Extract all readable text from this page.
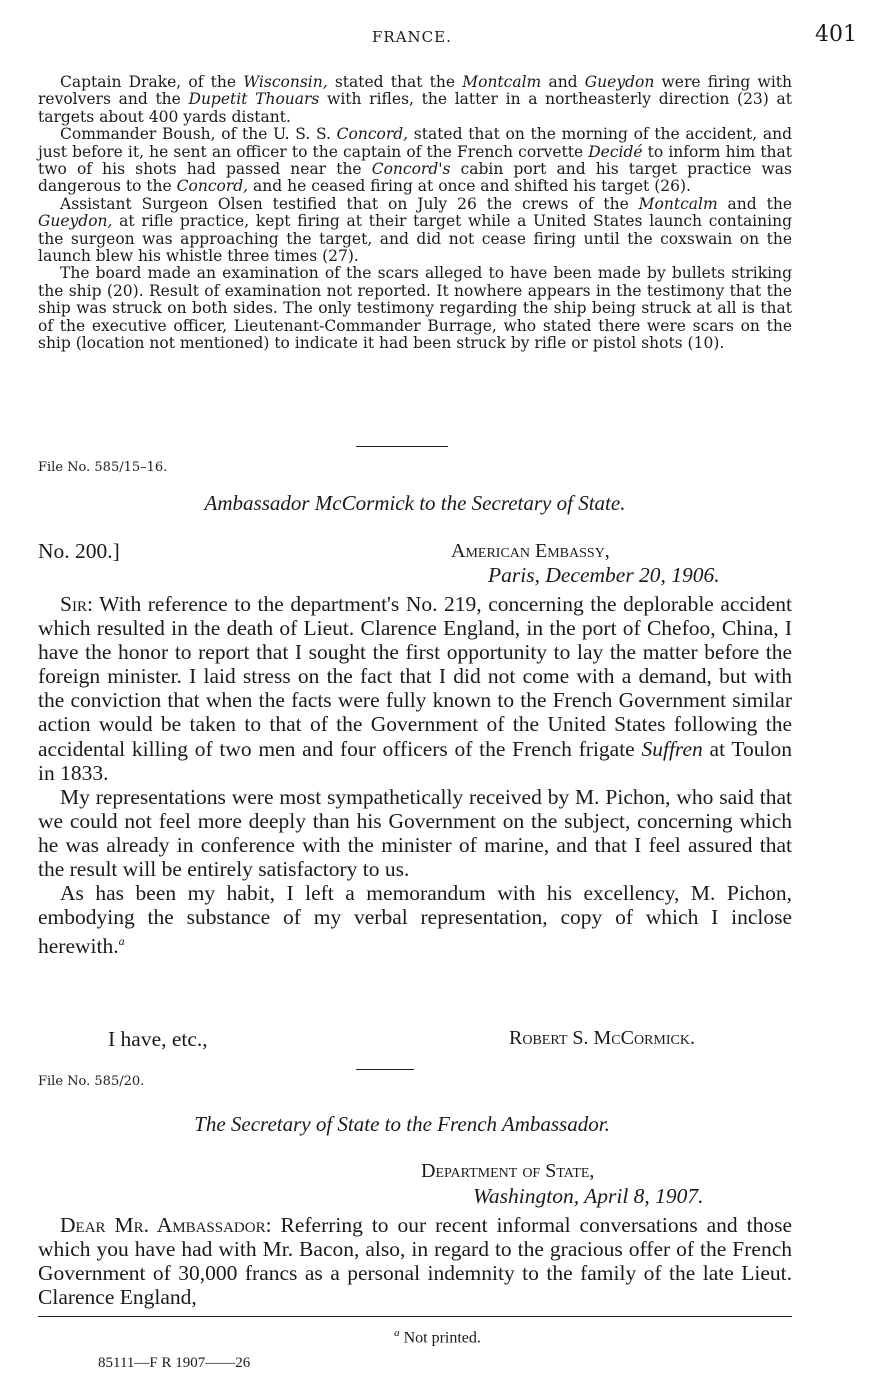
FRANCE.	401

Captain Drake, of the Wisconsin, stated that the Montcalm and Gueydon were firing with revolvers and the Dupetit Thouars with rifles, the latter in a northeasterly direction (23) at targets about 400 yards distant.

Commander Boush, of the U. S. S. Concord, stated that on the morning of the accident, and just before it, he sent an officer to the captain of the French corvette Decidé to inform him that two of his shots had passed near the Concord's cabin port and his target practice was dangerous to the Concord, and he ceased firing at once and shifted his target (26).

Assistant Surgeon Olsen testified that on July 26 the crews of the Montcalm and the Gueydon, at rifle practice, kept firing at their target while a United States launch containing the surgeon was approaching the target, and did not cease firing until the coxswain on the launch blew his whistle three times (27).

The board made an examination of the scars alleged to have been made by bullets striking the ship (20). Result of examination not reported. It nowhere appears in the testimony that the ship was struck on both sides. The only testimony regarding the ship being struck at all is that of the executive officer, Lieutenant-Commander Burrage, who stated there were scars on the ship (location not mentioned) to indicate it had been struck by rifle or pistol shots (10).

File No. 585/15–16.
Ambassador McCormick to the Secretary of State.
No. 200.]	American Embassy,
Paris, December 20, 1906.

Sir: With reference to the department's No. 219, concerning the deplorable accident which resulted in the death of Lieut. Clarence England, in the port of Chefoo, China, I have the honor to report that I sought the first opportunity to lay the matter before the foreign minister. I laid stress on the fact that I did not come with a demand, but with the conviction that when the facts were fully known to the French Government similar action would be taken to that of the Government of the United States following the accidental killing of two men and four officers of the French frigate Suffren at Toulon in 1833.

My representations were most sympathetically received by M. Pichon, who said that we could not feel more deeply than his Government on the subject, concerning which he was already in conference with the minister of marine, and that I feel assured that the result will be entirely satisfactory to us.

As has been my habit, I left a memorandum with his excellency, M. Pichon, embodying the substance of my verbal representation, copy of which I inclose herewith.$^a$

I have, etc.,	Robert S. McCormick.
File No. 585/20.
The Secretary of State to the French Ambassador.
Department of State,
Washington, April 8, 1907.

Dear Mr. Ambassador: Referring to our recent informal conversations and those which you have had with Mr. Bacon, also, in regard to the gracious offer of the French Government of 30,000 francs as a personal indemnity to the family of the late Lieut. Clarence England,

$^a$ Not printed.
85111—F R 1907——26
